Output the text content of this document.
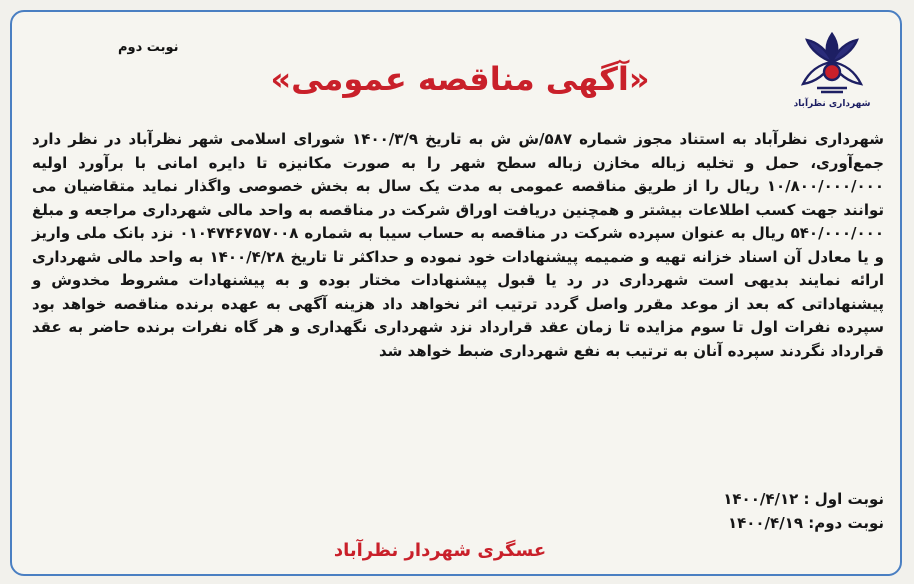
نوبت دوم
«آگهی مناقصه عمومی»
شهرداری نظرآباد

شهرداری نظرآباد به استناد مجوز شماره ۵۸۷/ش ش به تاریخ ۱۴۰۰/۳/۹ شورای اسلامی شهر نظرآباد در نظر دارد جمع‌آوری، حمل و تخلیه زباله مخازن زباله سطح شهر را به صورت مکانیزه تا دایره امانی با برآورد اولیه ۱۰/۸۰۰/۰۰۰/۰۰۰ ریال را از طریق مناقصه عمومی به مدت یک سال به بخش خصوصی واگذار نماید متقاضیان می توانند جهت کسب اطلاعات بیشتر و همچنین دریافت اوراق شرکت در مناقصه به واحد مالی شهرداری مراجعه و مبلغ ۵۴۰/۰۰۰/۰۰۰ ریال به عنوان سپرده شرکت در مناقصه به حساب سیبا به شماره ۰۱۰۴۷۴۶۷۵۷۰۰۸ نزد بانک ملی واریز و یا معادل آن اسناد خزانه تهیه و ضمیمه پیشنهادات خود نموده و حداکثر تا تاریخ ۱۴۰۰/۴/۲۸ به واحد مالی شهرداری ارائه نمایند بدیهی است شهرداری در رد یا قبول پیشنهادات مختار بوده و به پیشنهادات مشروط مخدوش و پیشنهاداتی که بعد از موعد مقرر واصل گردد ترتیب اثر نخواهد داد هزینه آگهی به عهده برنده مناقصه خواهد بود سپرده نفرات اول تا سوم مزایده تا زمان عقد قرارداد نزد شهرداری نگهداری و هر گاه نفرات برنده حاضر به عقد قرارداد نگردند سپرده آنان به ترتیب به نفع شهرداری ضبط خواهد شد

نوبت اول : ۱۴۰۰/۴/۱۲
نوبت دوم: ۱۴۰۰/۴/۱۹
عسگری شهردار نظرآباد
